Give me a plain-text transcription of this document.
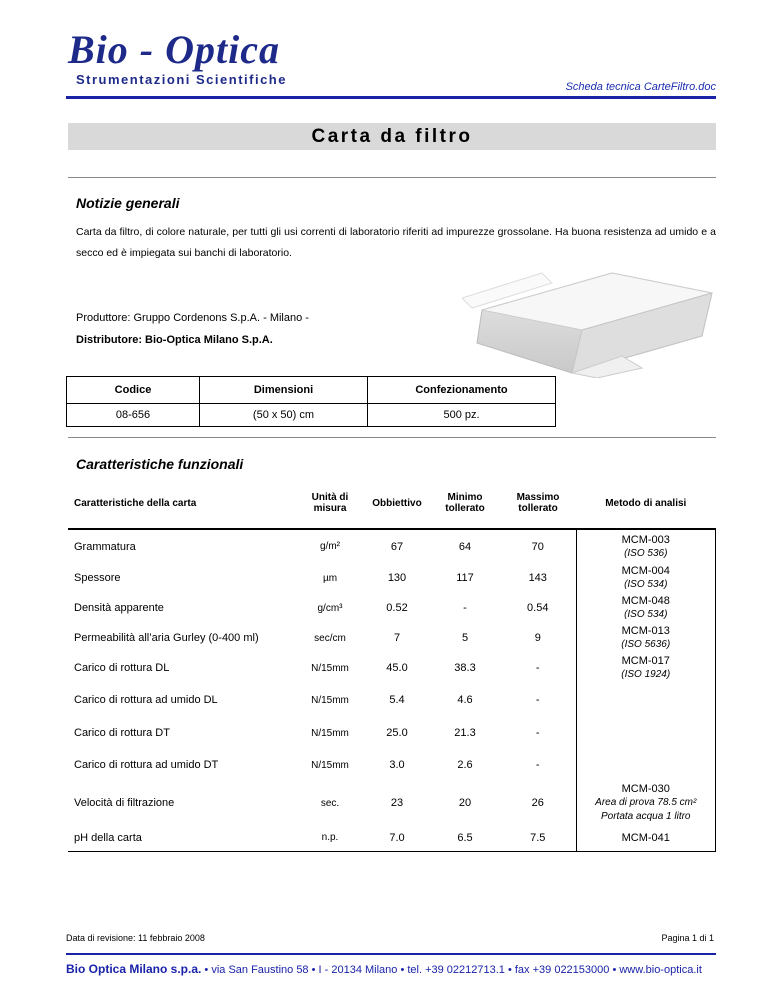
Bio - Optica
Strumentazioni Scientifiche	Scheda tecnica CarteFiltro.doc
Carta da filtro
Notizie generali
Carta da filtro, di colore naturale, per tutti gli usi correnti di laboratorio riferiti ad impurezze grossolane. Ha buona resistenza ad umido e a secco ed è impiegata sui banchi di laboratorio.
Produttore: Gruppo Cordenons S.p.A. - Milano -
Distributore: Bio-Optica Milano S.p.A.
Codice	Dimensioni	Confezionamento
08-656	(50 x 50) cm	500 pz.
Caratteristiche funzionali
Caratteristiche della carta	Unità di misura	Obbiettivo	Minimo tollerato	Massimo tollerato	Metodo di analisi
Grammatura	g/m²	67	64	70	MCM-003
(ISO 536)

Spessore	µm	130	117	143	MCM-004
(ISO 534)

Densità apparente	g/cm³	0.52	-	0.54	MCM-048
(ISO 534)

Permeabilità all’aria Gurley (0-400 ml)	sec/cm	7	5	9	MCM-013
(ISO 5636)

Carico di rottura DL	N/15mm	45.0	38.3	-	MCM-017
(ISO 1924)

Carico di rottura ad umido DL	N/15mm	5.4	4.6	-	

Carico di rottura DT	N/15mm	25.0	21.3	-	

Carico di rottura ad umido DT	N/15mm	3.0	2.6	-	

Velocità di filtrazione	sec.	23	20	26	MCM-030
Area di prova 78.5 cm²
Portata acqua 1 litro

pH della carta	n.p.	7.0	6.5	7.5	MCM-041
Data di revisione: 11 febbraio 2008	Pagina 1 di 1
Bio Optica Milano s.p.a. • via San Faustino 58 • I - 20134 Milano • tel. +39 02212713.1 • fax +39 022153000 • www.bio-optica.it
